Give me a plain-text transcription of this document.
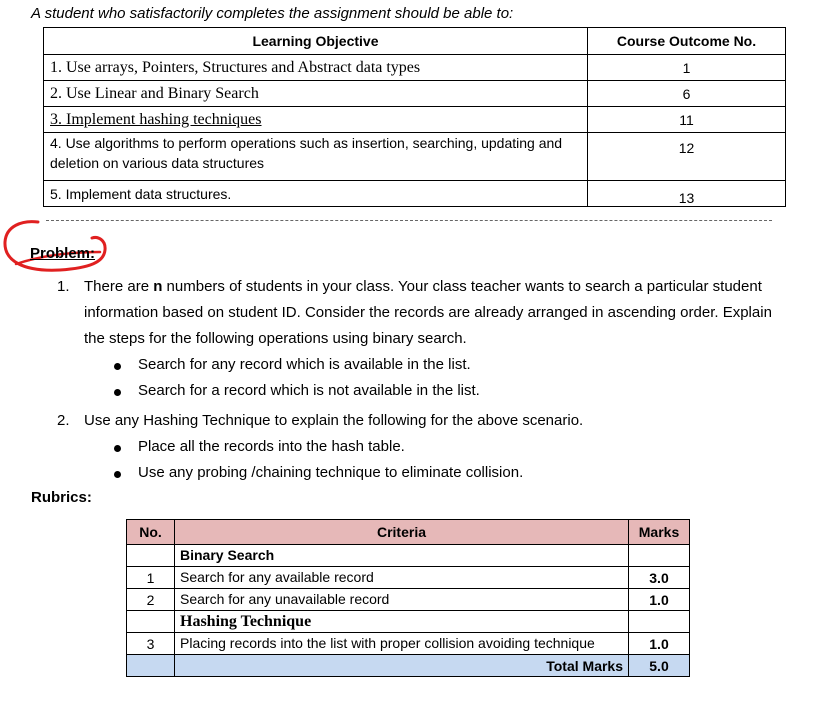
A student who satisfactorily completes the assignment should be able to:
Learning Objective	Course Outcome No.
1. Use arrays, Pointers, Structures and Abstract data types	1
2. Use Linear and Binary Search	6
3. Implement hashing techniques	11
4. Use algorithms to perform operations such as insertion, searching, updating and deletion on various data structures	12
5. Implement data structures.	13
Problem:
1. There are n numbers of students in your class. Your class teacher wants to search a particular student information based on student ID. Consider the records are already arranged in ascending order. Explain the steps for the following operations using binary search.
Search for any record which is available in the list.
Search for a record which is not available in the list.
2. Use any Hashing Technique to explain the following for the above scenario.
Place all the records into the hash table.
Use any probing /chaining technique to eliminate collision.
Rubrics:
No.	Criteria	Marks
	Binary Search	
1	Search for any available record	3.0
2	Search for any unavailable record	1.0
	Hashing Technique	
3	Placing records into the list with proper collision avoiding technique	1.0
	Total Marks	5.0
